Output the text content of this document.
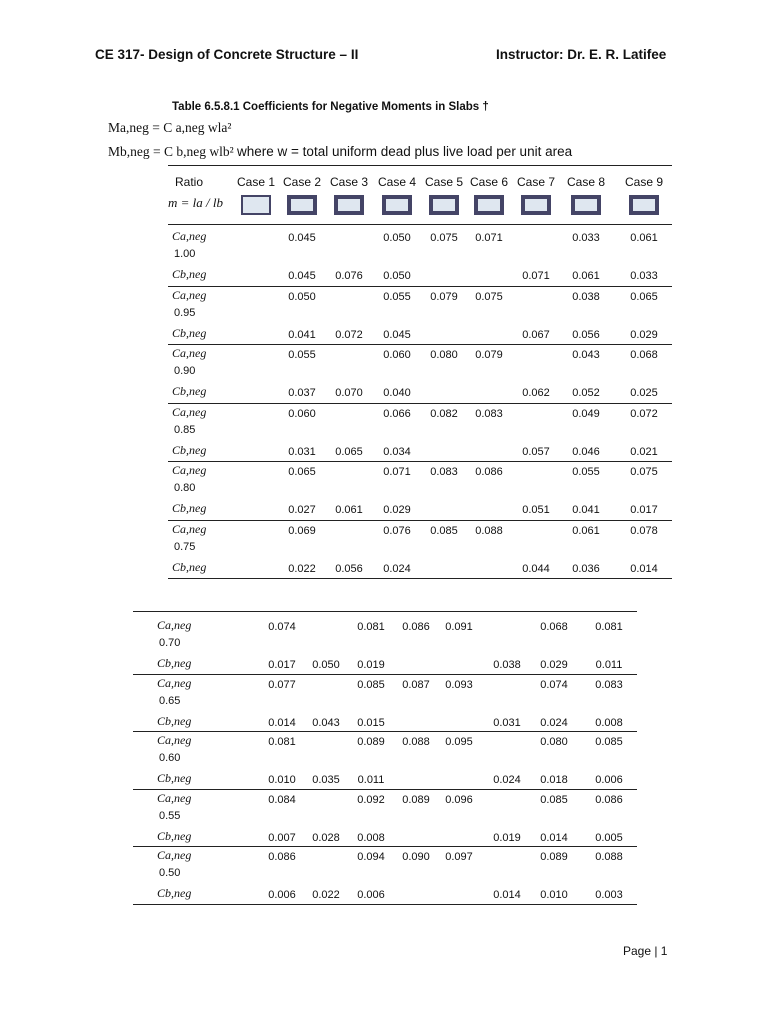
CE 317- Design of Concrete Structure – II	Instructor: Dr. E. R. Latifee
Table 6.5.8.1 Coefficients for Negative Moments in Slabs †
Ma,neg = C a,neg wla²
Mb,neg = C b,neg wlb² where w = total uniform dead plus live load per unit area
Ratio
m = la / lb
Case 1 Case 2 Case 3 Case 4 Case 5 Case 6 Case 7 Case 8	Case 9
Ca,neg
1.00
Cb,neg
0.045
0.045 0.076
0.050
0.050
0.075 0.071
0.071
0.033
0.061
0.061
0.033
Ca,neg
0.95
Cb,neg
0.050
0.041 0.072
0.055
0.045
0.079 0.075
0.067
0.038
0.056
0.065
0.029
Ca,neg
0.90
Cb,neg
0.055
0.037 0.070
0.060
0.040
0.080 0.079
0.062
0.043
0.052
0.068
0.025
Ca,neg
0.85
Cb,neg
0.060
0.031 0.065
0.066
0.034
0.082 0.083
0.057
0.049
0.046
0.072
0.021
Ca,neg
0.80
Cb,neg
0.065
0.027 0.061
0.071
0.029
0.083 0.086
0.051
0.055
0.041
0.075
0.017
Ca,neg
0.75
Cb,neg
0.069
0.022 0.056
0.076
0.024
0.085 0.088
0.044
0.061
0.036
0.078
0.014
Ca,neg
0.70
Cb,neg
0.074
0.017 0.050
0.081
0.019
0.086 0.091
0.038
0.068
0.029
0.081
0.011
Ca,neg
0.65
Cb,neg
0.077
0.014 0.043
0.085
0.015
0.087 0.093
0.031
0.074
0.024
0.083
0.008
Ca,neg
0.60
Cb,neg
0.081
0.010 0.035
0.089
0.011
0.088 0.095
0.024
0.080
0.018
0.085
0.006
Ca,neg
0.55
Cb,neg
0.084
0.007 0.028
0.092
0.008
0.089 0.096
0.019
0.085
0.014
0.086
0.005
Ca,neg
0.50
Cb,neg
0.086
0.006 0.022
0.094
0.006
0.090 0.097
0.014
0.089
0.010
0.088
0.003
Page | 1
